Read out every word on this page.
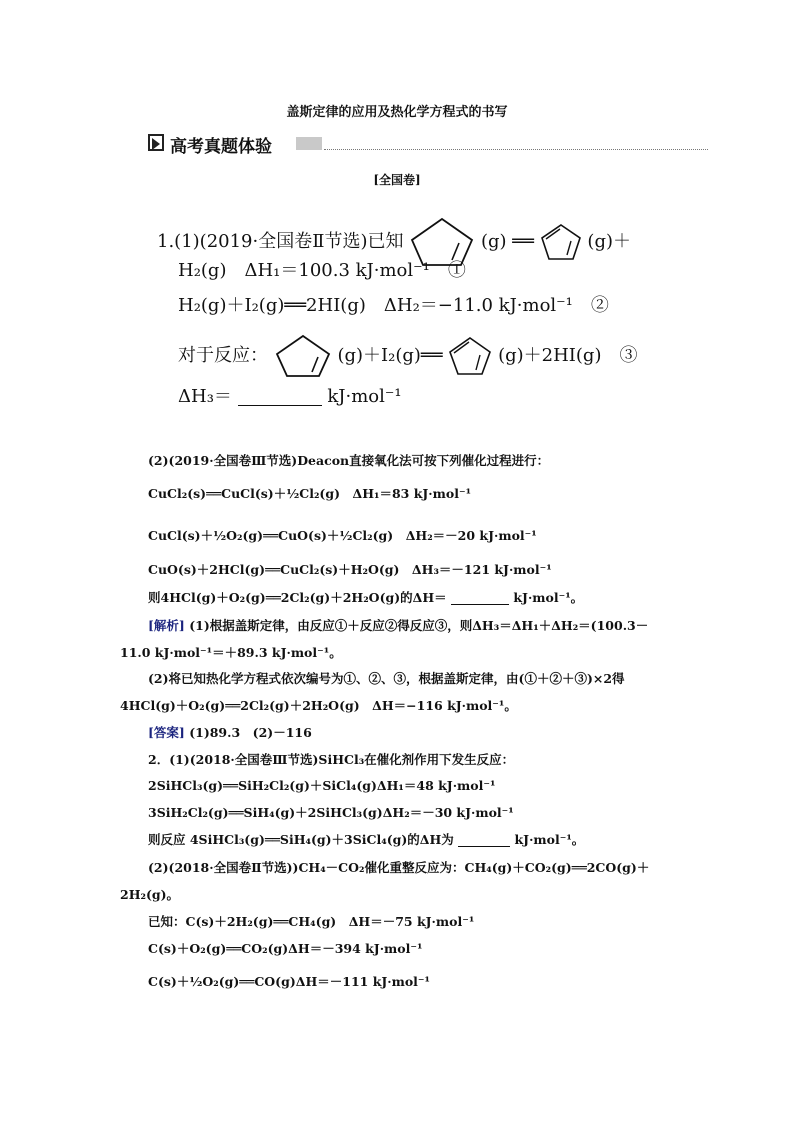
盖斯定律的应用及热化学方程式的书写
高考真题体验
[全国卷]
1.(1)(2019·全国卷Ⅱ节选)已知	(g) ══	(g)＋
H₂(g)　ΔH₁＝100.3 kJ·mol⁻¹　①
H₂(g)＋I₂(g)══2HI(g)　ΔH₂＝−11.0 kJ·mol⁻¹　②
对于反应：	(g)＋I₂(g)══	(g)＋2HI(g)　③
ΔH₃＝	kJ·mol⁻¹
(2)(2019·全国卷Ⅲ节选)Deacon直接氧化法可按下列催化过程进行：
CuCl₂(s)══CuCl(s)＋½Cl₂(g)　ΔH₁＝83 kJ·mol⁻¹
CuCl(s)＋½O₂(g)══CuO(s)＋½Cl₂(g)　ΔH₂＝－20 kJ·mol⁻¹
CuO(s)＋2HCl(g)══CuCl₂(s)＋H₂O(g)　ΔH₃＝－121 kJ·mol⁻¹
则4HCl(g)＋O₂(g)══2Cl₂(g)＋2H₂O(g)的ΔH＝	kJ·mol⁻¹。
[解析] (1)根据盖斯定律，由反应①＋反应②得反应③，则ΔH₃＝ΔH₁＋ΔH₂＝(100.3－
11.0 kJ·mol⁻¹＝＋89.3 kJ·mol⁻¹。
(2)将已知热化学方程式依次编号为①、②、③，根据盖斯定律，由(①＋②＋③)×2得
4HCl(g)＋O₂(g)══2Cl₂(g)＋2H₂O(g)　ΔH＝−116 kJ·mol⁻¹。
[答案] (1)89.3　(2)－116
2．(1)(2018·全国卷Ⅲ节选)SiHCl₃在催化剂作用下发生反应：
2SiHCl₃(g)══SiH₂Cl₂(g)＋SiCl₄(g)ΔH₁＝48 kJ·mol⁻¹
3SiH₂Cl₂(g)══SiH₄(g)＋2SiHCl₃(g)ΔH₂＝－30 kJ·mol⁻¹
则反应 4SiHCl₃(g)══SiH₄(g)＋3SiCl₄(g)的ΔH为	kJ·mol⁻¹。
(2)(2018·全国卷Ⅱ节选))CH₄－CO₂催化重整反应为：CH₄(g)＋CO₂(g)══2CO(g)＋
2H₂(g)。
已知：C(s)＋2H₂(g)══CH₄(g)　ΔH＝－75 kJ·mol⁻¹
C(s)＋O₂(g)══CO₂(g)ΔH＝－394 kJ·mol⁻¹
C(s)＋½O₂(g)══CO(g)ΔH＝－111 kJ·mol⁻¹
